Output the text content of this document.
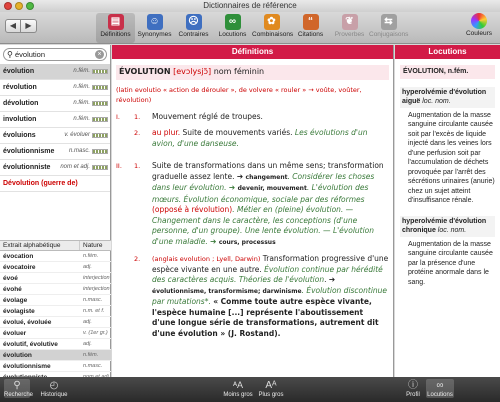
Dictionnaires de référence
◀	▶	▤
Définitions
☺
Synonymes
☹
Contraires
∞
Locutions
✿
Combinaisons
“
Citations
❦
Proverbes
⇆
Conjugaisons	Couleurs
⚲ évolution	×
évolution	n.fém.
révolution	n.fém.
dévolution	n.fém.
involution	n.fém.
évoluions	v. évoluer
évolutionnisme n.masc.
évolutionniste nom et adj.
Dévolution (guerre de)
Extrait alphabétique	Nature
évocation	n.fém.
évocatoire	adj.
évoé	interjection
évohé	interjection
évolage	n.masc.
évolagiste	n.m. et f.
évolué, évoluée	adj.
évoluer	v. (1er gr.)
évolutif, évolutive	adj.
évolution	n.fém.
évolutionnisme	n.masc.
Définitions
ÉVOLUTION [evɔlysjɔ̃] nom féminin
(latin evolutio « action de dérouler », de volvere « rouler » → voûte, voûter, révolution)
I.	1.	Mouvement réglé de troupes.
2.	au plur. Suite de mouvements variés. Les évolutions d'un avion, d'une danseuse.
II.	1.	Suite de transformations dans un même sens; transformation graduelle assez lente. ➔ changement. Considérer les choses dans leur évolution. ➔ devenir, mouvement. L'évolution des mœurs. Évolution économique, sociale par des réformes (opposé à révolution). Métier en (pleine) évolution. — Changement dans le caractère, les conceptions (d'une personne, d'un groupe). Une lente évolution. — L'évolution d'une maladie. ➔ cours, processus
2.	(anglais evolution ; Lyell, Darwin) Transformation progressive d'une espèce vivante en une autre. Évolution continue par hérédité des caractères acquis. Théories de l'évolution. ➔ évolutionnisme, transformisme; darwinisme. Évolution discontinue par mutations*. « Comme toute autre espèce vivante, l'espèce humaine [...] représente l'aboutissement d'une longue série de transformations, autrement dit d'une évolution » (J. Rostand).
Locutions
ÉVOLUTION, n.fém.
hyperolvémie d'évolution aiguë loc. nom.
Augmentation de la masse sanguine circulante causée soit par l'excès de liquide injecté dans les veines lors d'une perfusion soit par l'accumulation de déchets provoquée par l'arrêt des sécrétions urinaires (anurie) chez un sujet atteint d'insuffisance rénale.
hyperolvémie d'évolution chronique loc. nom.
Augmentation de la masse sanguine circulante causée par la présence d'une protéine anormale dans le sang.
⚲
Recherche
◴
Historique
ᴬA
Moins gros
Aᴬ
Plus gros
ⓘ
Profil
∞
Locutions
